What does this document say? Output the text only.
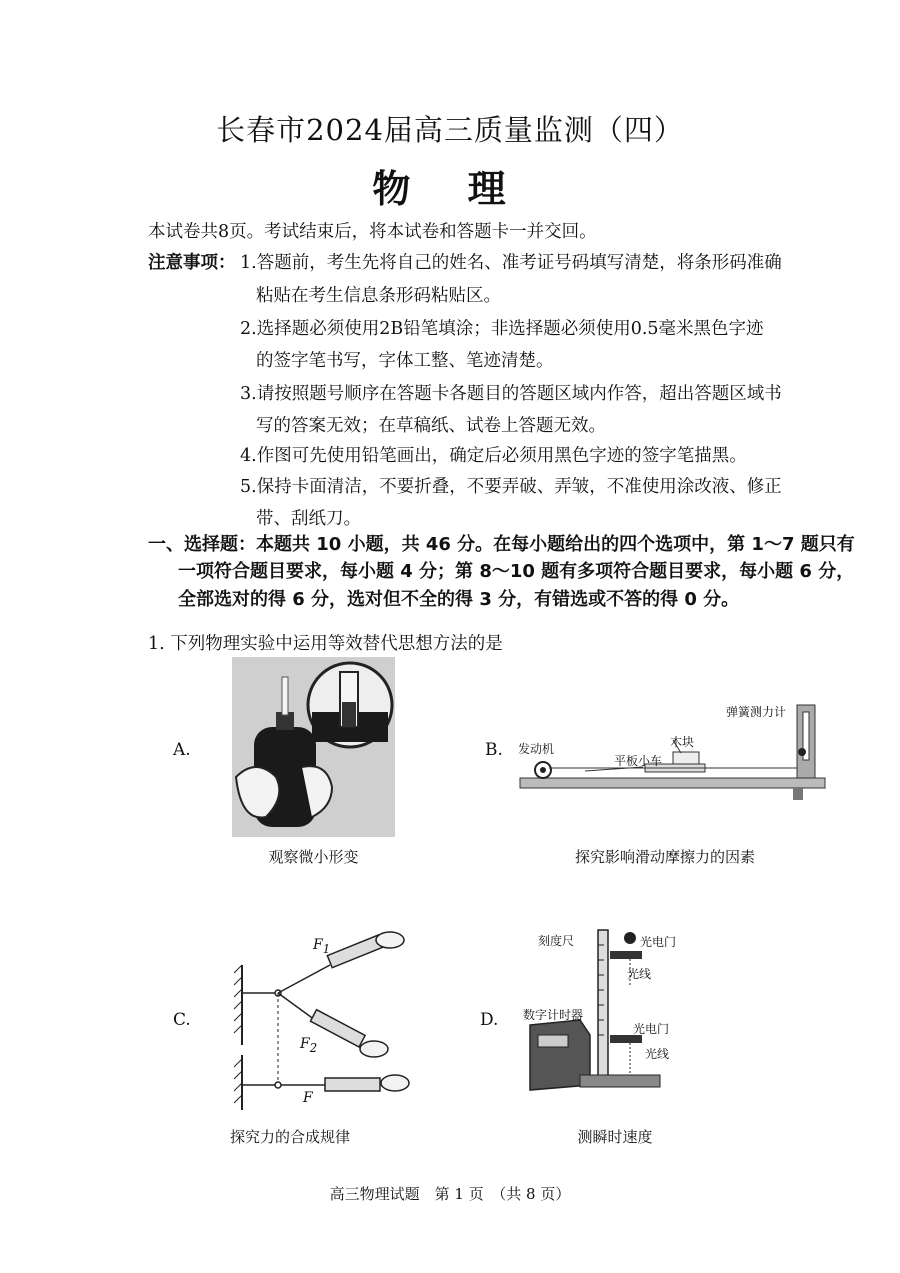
长春市2024届高三质量监测（四）
物 理
本试卷共8页。考试结束后，将本试卷和答题卡一并交回。
注意事项： 1.答题前，考生先将自己的姓名、准考证号码填写清楚，将条形码准确
粘贴在考生信息条形码粘贴区。
2.选择题必须使用2B铅笔填涂；非选择题必须使用0.5毫米黑色字迹
的签字笔书写，字体工整、笔迹清楚。
3.请按照题号顺序在答题卡各题目的答题区域内作答，超出答题区域书
写的答案无效；在草稿纸、试卷上答题无效。
4.作图可先使用铅笔画出，确定后必须用黑色字迹的签字笔描黑。
5.保持卡面清洁，不要折叠，不要弄破、弄皱，不准使用涂改液、修正
带、刮纸刀。
一、选择题：本题共 10 小题，共 46 分。在每小题给出的四个选项中，第 1～7 题只有
一项符合题目要求，每小题 4 分；第 8～10 题有多项符合题目要求，每小题 6 分，
全部选对的得 6 分，选对但不全的得 3 分，有错选或不答的得 0 分。
1. 下列物理实验中运用等效替代思想方法的是
A.
观察微小形变
B. 发动机
平板小车
木块
弹簧测力计
探究影响滑动摩擦力的因素
C.
$F_1$
$F_2$
F
探究力的合成规律
D.
刻度尺	光电门
光线
数字计时器
光电门
光线
测瞬时速度
高三物理试题　第 1 页　（共 8 页）
